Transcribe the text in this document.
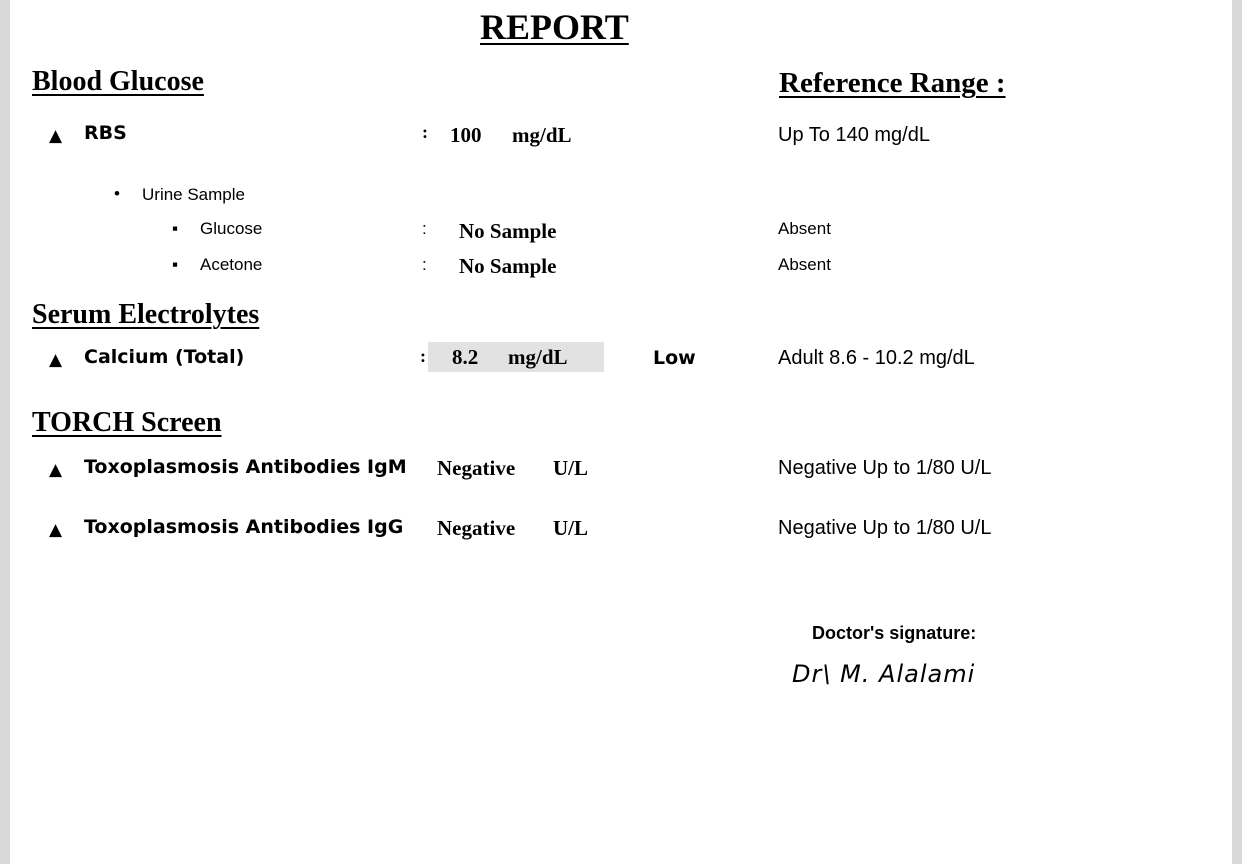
REPORT
Blood Glucose	Reference Range :
▲ RBS	: 100 mg/dL	Up To 140 mg/dL
• Urine Sample
▪ Glucose	: No Sample	Absent
▪ Acetone	: No Sample	Absent
Serum Electrolytes
▲ Calcium (Total)	: 8.2 mg/dL	Low	Adult 8.6 - 10.2 mg/dL
TORCH Screen
▲ Toxoplasmosis Antibodies IgM Negative U/L	Negative Up to 1/80 U/L
▲ Toxoplasmosis Antibodies IgG Negative U/L	Negative Up to 1/80 U/L
Doctor's signature:
Dr\ M. Alalami
